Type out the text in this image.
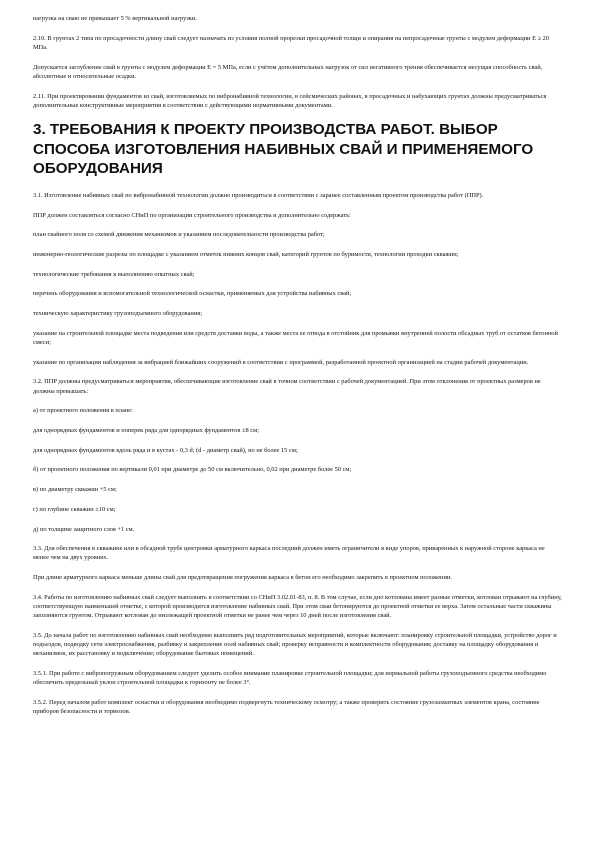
нагрузка на сваю не превышает 5 % вертикальной нагрузки.

2.10. В грунтах 2 типа по просадочности длину свай следует назначать из условия полной прорезки просадочной толщи и опирания на непросадочные грунты с модулем деформации E ≥ 20 МПа.

Допускается заглубление свай в грунты с модулем деформации E = 5 МПа, если с учётом дополнительных нагрузок от сил негативного трения обеспечивается несущая способность свай, абсолютные и относительные осадки.

2.11. При проектировании фундаментов из свай, изготовляемых по вибронабивной технологии, в сейсмических районах, в просадочных и набухающих грунтах должны предусматриваться дополнительные конструктивные мероприятия в соответствии с действующими нормативными документами.

3. ТРЕБОВАНИЯ К ПРОЕКТУ ПРОИЗВОДСТВА РАБОТ. ВЫБОР СПОСОБА ИЗГОТОВЛЕНИЯ НАБИВНЫХ СВАЙ И ПРИМЕНЯЕМОГО ОБОРУДОВАНИЯ

3.1. Изготовление набивных свай по вибронабивной технологии должно производиться в соответствии с заранее составленным проектом производства работ (ППР).

ППР должен составляться согласно СНиП по организации строительного производства и дополнительно содержать:

план свайного поля со схемой движения механизмов и указанием последовательности производства работ;

инженерно-геологические разрезы по площадке с указанием отметок нижних концов свай, категорий грунтов по буримости, технологии проходки скважин;

технологические требования к выполнению опытных свай;

перечень оборудования и вспомогательной технологической оснастки, применяемых для устройства набивных свай;

техническую характеристику грузоподъемного оборудования;

указание на строительной площадке места подведения или средств доставки воды, а также места ее отвода в отстойник для промывки внутренней полости обсадных труб от остатков бетонной смеси;

указание по организации наблюдения за вибрацией ближайших сооружений в соответствии с программой, разработанной проектной организацией на стадии рабочей документации.

3.2. ППР должны предусматриваться мероприятия, обеспечивающие изготовление свай в точном соответствии с рабочей документацией. При этом отклонения от проектных размеров не должны превышать:

а) от проектного положения в плане:

для однорядных фундаментов и поперек ряда для однорядных фундаментов ±8 см;

для однорядных фундаментов вдоль ряда и в кустах - 0,3 d; (d - диаметр свай), но не более 15 см;

б) от проектного положения по вертикали 0,01 при диаметре до 50 см включительно, 0,02 при диаметре более 50 см;

в) по диаметру скважин +5 см;

г) по глубине скважин ±10 см;

д) по толщине защитного слоя +1 см.

3.3. Для обеспечения в скважине или в обсадной трубе центровки арматурного каркаса последний должен иметь ограничители в виде упоров, приваренных к наружной стороне каркаса не менее чем на двух уровнях.

При длине арматурного каркаса меньше длины свай для предотвращения погружения каркаса в бетон его необходимо закрепить в проектном положении.

3.4. Работы по изготовлению набивных свай следует выполнять в соответствии со СНиП 3.02.01-83, п. 8. В том случае, если дно котлована имеет разные отметки, котлован отрывают на глубину, соответствующую наименьшей отметке, с которой производится изготовление набивных свай. При этом сваи бетонируются до проектной отметки ее верха. Затем остальные части скважины заполняются грунтом. Отрывают котлован до низлежащей проектной отметки не ранее чем через 10 дней после изготовления свай.

3.5. До начала работ по изготовлению набивных свай необходимо выполнить ряд подготовительных мероприятий, которые включают: планировку строительной площадки, устройство дорог и подъездов, подводку сети электроснабжения, разбивку и закрепление осей набивных свай; проверку исправности и комплектности оборудования; доставку на площадку оборудования и механизмов, их расстановку и подключение; оборудование бытовых помещений.

3.5.1. При работе с вибропогружным оборудованием следует уделить особое внимание планировке строительной площадки; для нормальной работы грузоподъемного средства необходимо обеспечить предельный уклон строительной площадки к горизонту не более 3°.

3.5.2. Перед началом работ комплект оснастки и оборудования необходимо подвергнуть техническому осмотру; а также проверить состояние грузозахватных элементов крана, состояние приборов безопасности и тормозов.
